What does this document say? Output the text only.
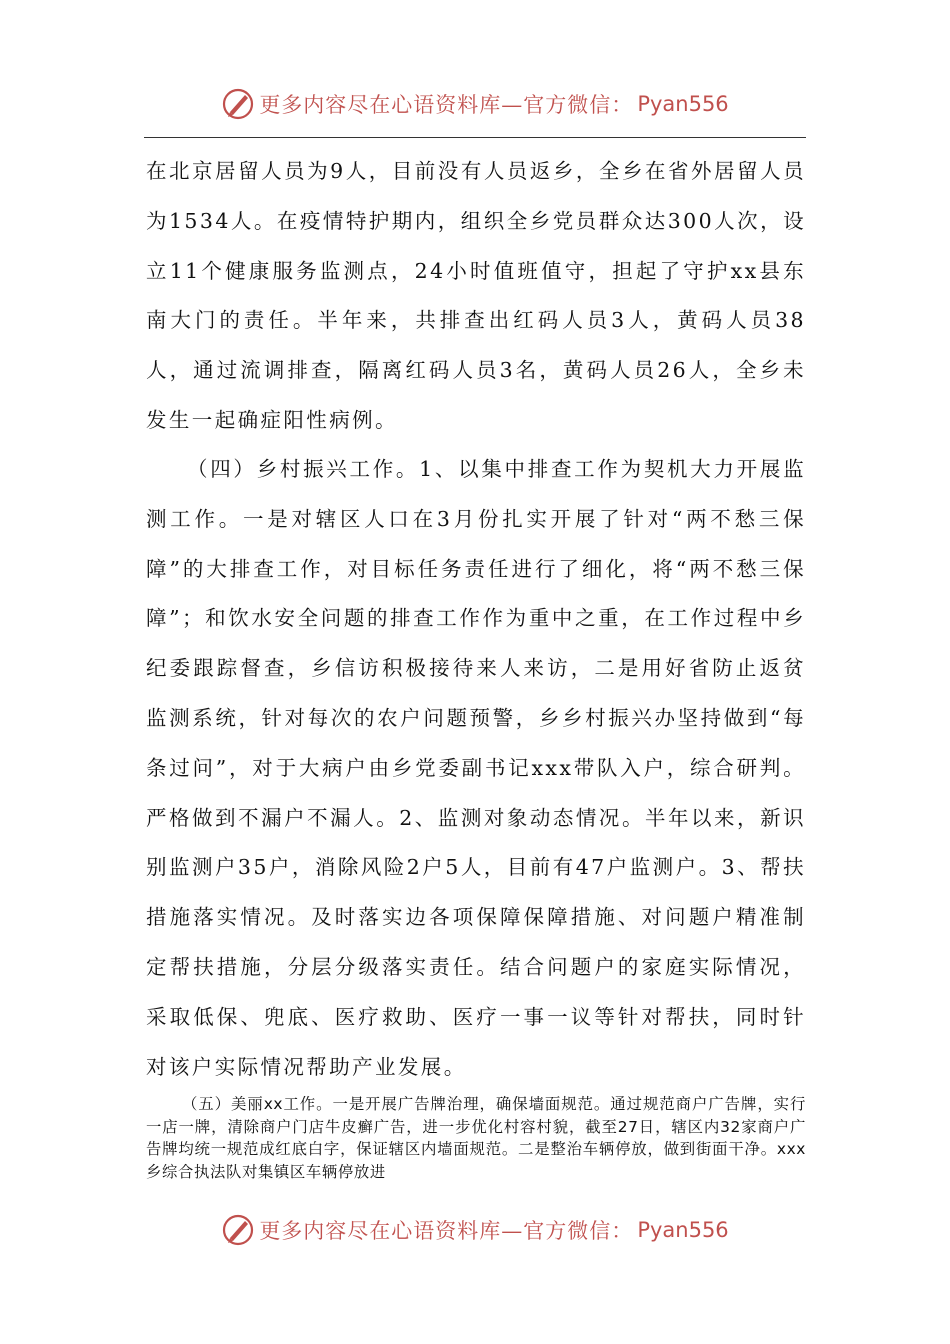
更多内容尽在心语资料库—官方微信： Pyan556

在北京居留人员为9人，目前没有人员返乡，全乡在省外居留人员为1534人。在疫情特护期内，组织全乡党员群众达300人次，设立11个健康服务监测点，24小时值班值守，担起了守护xx县东南大门的责任。半年来，共排查出红码人员3人，黄码人员38人，通过流调排查，隔离红码人员3名，黄码人员26人，全乡未发生一起确症阳性病例。

（四）乡村振兴工作。1、以集中排查工作为契机大力开展监测工作。一是对辖区人口在3月份扎实开展了针对“两不愁三保障”的大排查工作，对目标任务责任进行了细化，将“两不愁三保障”；和饮水安全问题的排查工作作为重中之重，在工作过程中乡纪委跟踪督查，乡信访积极接待来人来访，二是用好省防止返贫监测系统，针对每次的农户问题预警，乡乡村振兴办坚持做到“每条过问”，对于大病户由乡党委副书记xxx带队入户，综合研判。严格做到不漏户不漏人。2、监测对象动态情况。半年以来，新识别监测户35户，消除风险2户5人，目前有47户监测户。3、帮扶措施落实情况。及时落实边各项保障保障措施、对问题户精准制定帮扶措施，分层分级落实责任。结合问题户的家庭实际情况，采取低保、兜底、医疗救助、医疗一事一议等针对帮扶，同时针对该户实际情况帮助产业发展。

（五）美丽xx工作。一是开展广告牌治理，确保墙面规范。通过规范商户广告牌，实行一店一牌，清除商户门店牛皮癣广告，进一步优化村容村貌，截至27日，辖区内32家商户广告牌均统一规范成红底白字，保证辖区内墙面规范。二是整治车辆停放，做到街面干净。xxx乡综合执法队对集镇区车辆停放进

更多内容尽在心语资料库—官方微信： Pyan556
